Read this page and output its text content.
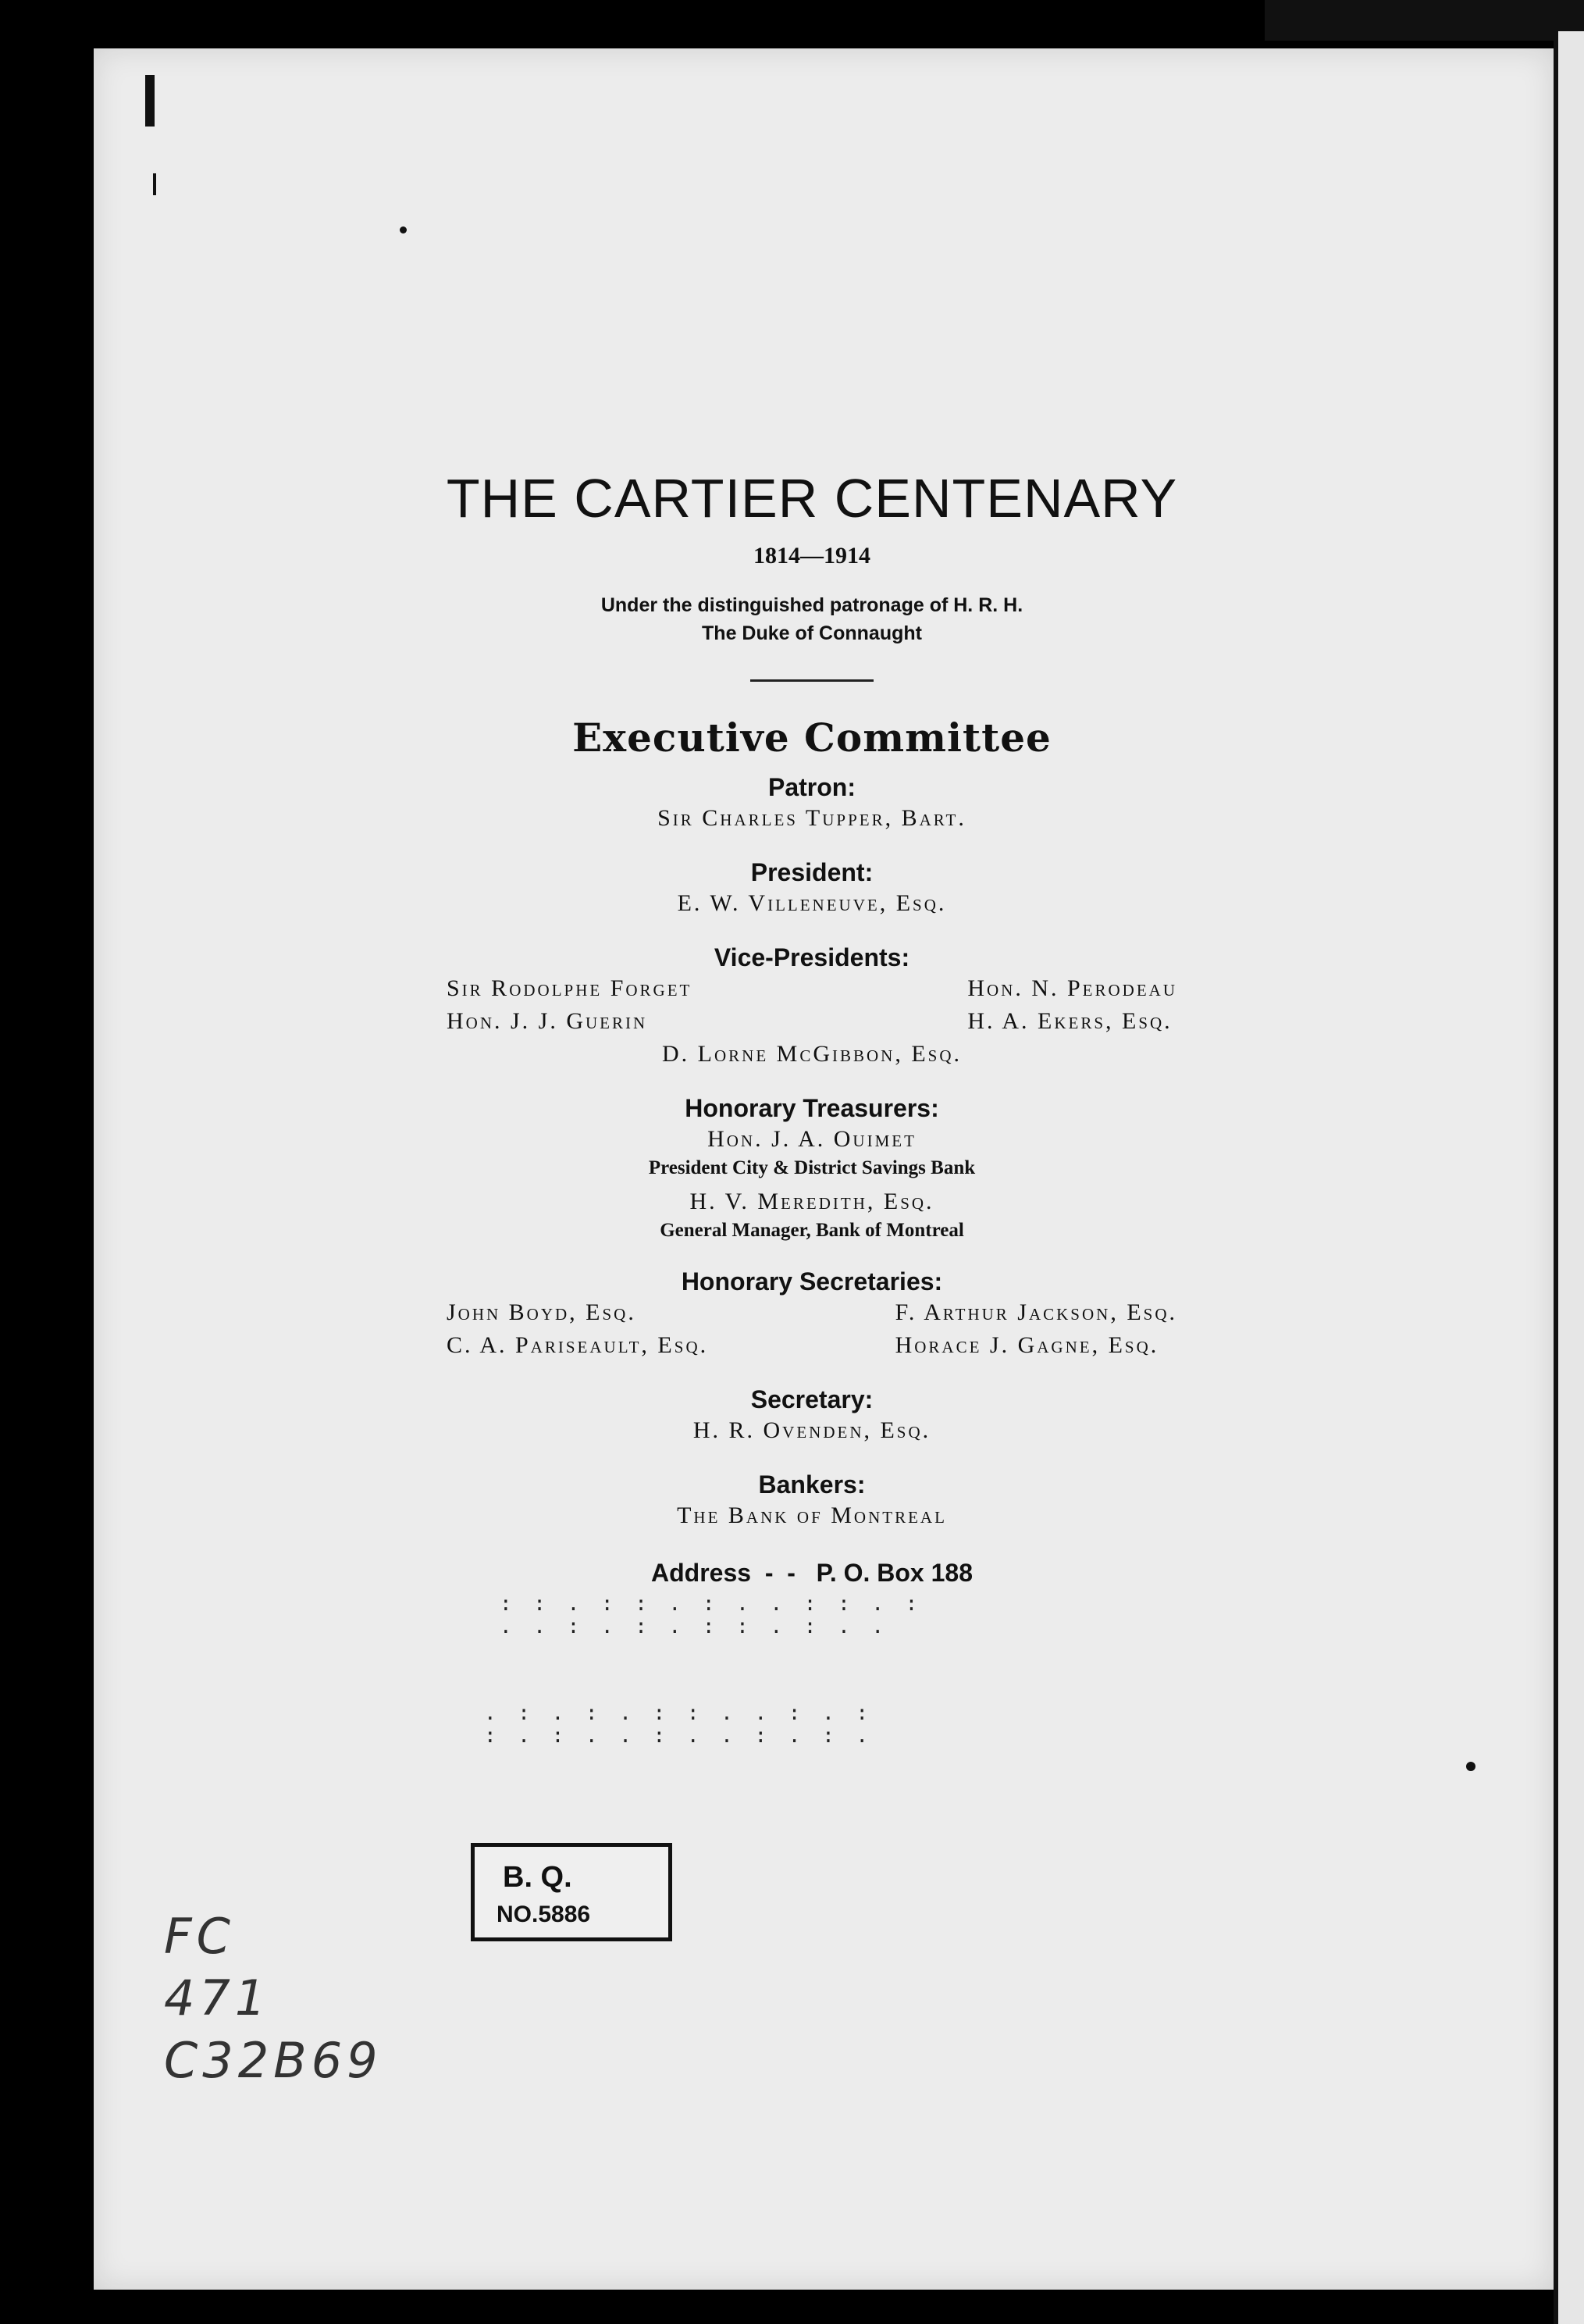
THE CARTIER CENTENARY
1814—1914
Under the distinguished patronage of H. R. H.
The Duke of Connaught
Executive Committee
Patron:
Sir Charles Tupper, Bart.
President:
E. W. Villeneuve, Esq.
Vice-Presidents:
Sir Rodolphe Forget
Hon. J. J. Guerin
Hon. N. Perodeau
H. A. Ekers, Esq.
D. Lorne McGibbon, Esq.
Honorary Treasurers:
Hon. J. A. Ouimet
President City & District Savings Bank
H. V. Meredith, Esq.
General Manager, Bank of Montreal
Honorary Secretaries:
John Boyd, Esq.
C. A. Pariseault, Esq.
F. Arthur Jackson, Esq.
Horace J. Gagne, Esq.
Secretary:
H. R. Ovenden, Esq.
Bankers:
The Bank of Montreal
Address  -  -   P. O. Box 188
: : . : : . : . . : : . :
. . : . : . : : . : . .
. : . : . : : . . : . :
: . : . . : . . : . : .
B. Q.
NO.5886
FC
471
C32B69
